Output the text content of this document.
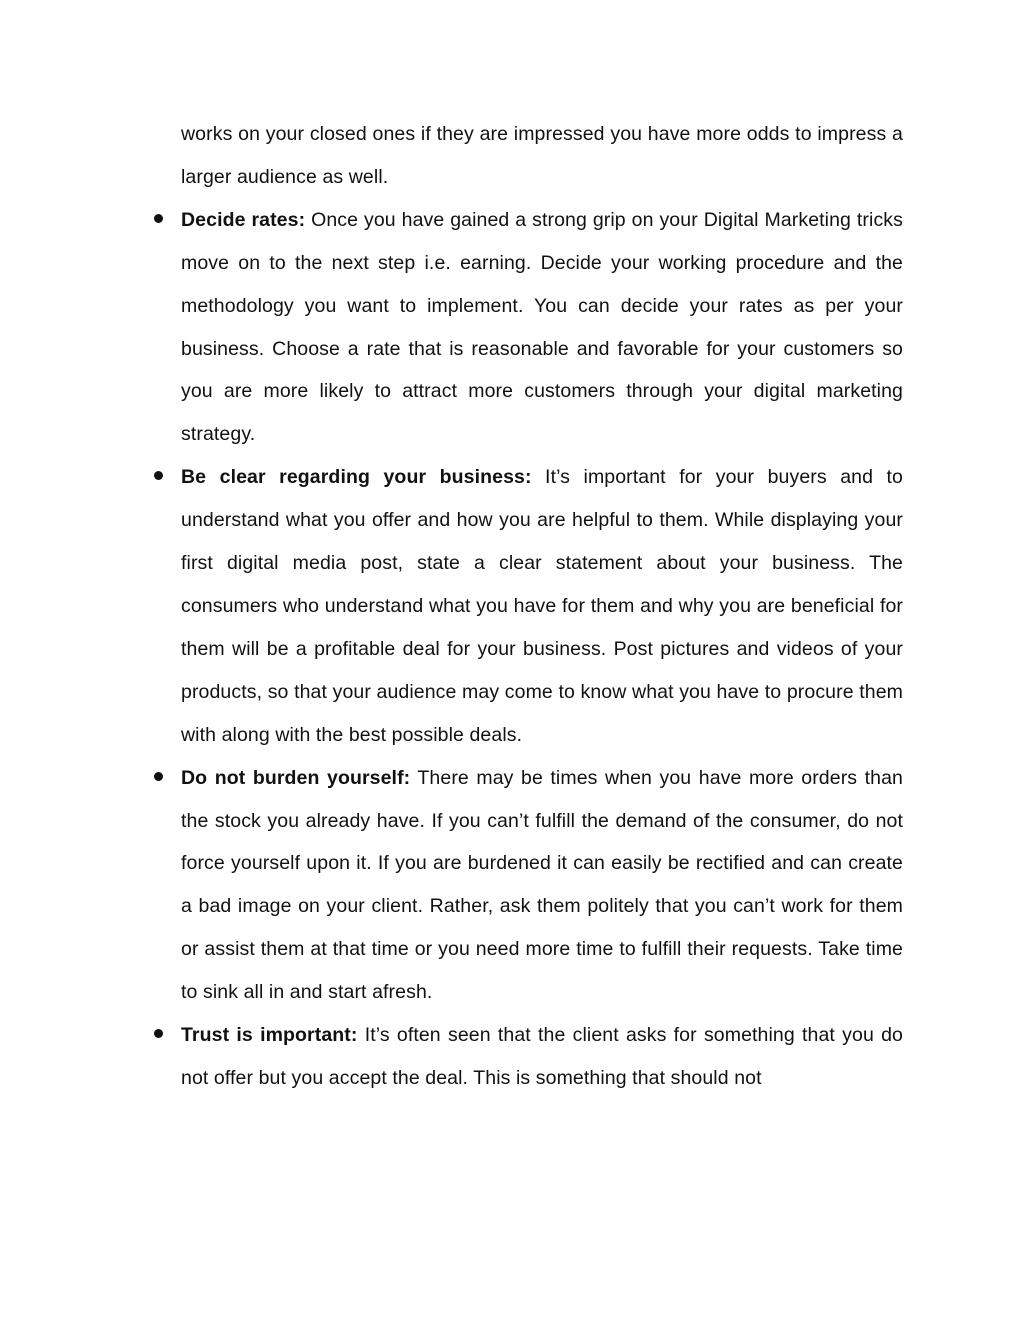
works on your closed ones if they are impressed you have more odds to impress a larger audience as well.

Decide rates: Once you have gained a strong grip on your Digital Marketing tricks move on to the next step i.e. earning. Decide your working procedure and the methodology you want to implement. You can decide your rates as per your business. Choose a rate that is reasonable and favorable for your customers so you are more likely to attract more customers through your digital marketing strategy.

Be clear regarding your business: It’s important for your buyers and to understand what you offer and how you are helpful to them. While displaying your first digital media post, state a clear statement about your business. The consumers who understand what you have for them and why you are beneficial for them will be a profitable deal for your business. Post pictures and videos of your products, so that your audience may come to know what you have to procure them with along with the best possible deals.

Do not burden yourself: There may be times when you have more orders than the stock you already have. If you can’t fulfill the demand of the consumer, do not force yourself upon it. If you are burdened it can easily be rectified and can create a bad image on your client. Rather, ask them politely that you can’t work for them or assist them at that time or you need more time to fulfill their requests. Take time to sink all in and start afresh.

Trust is important: It’s often seen that the client asks for something that you do not offer but you accept the deal. This is something that should not
